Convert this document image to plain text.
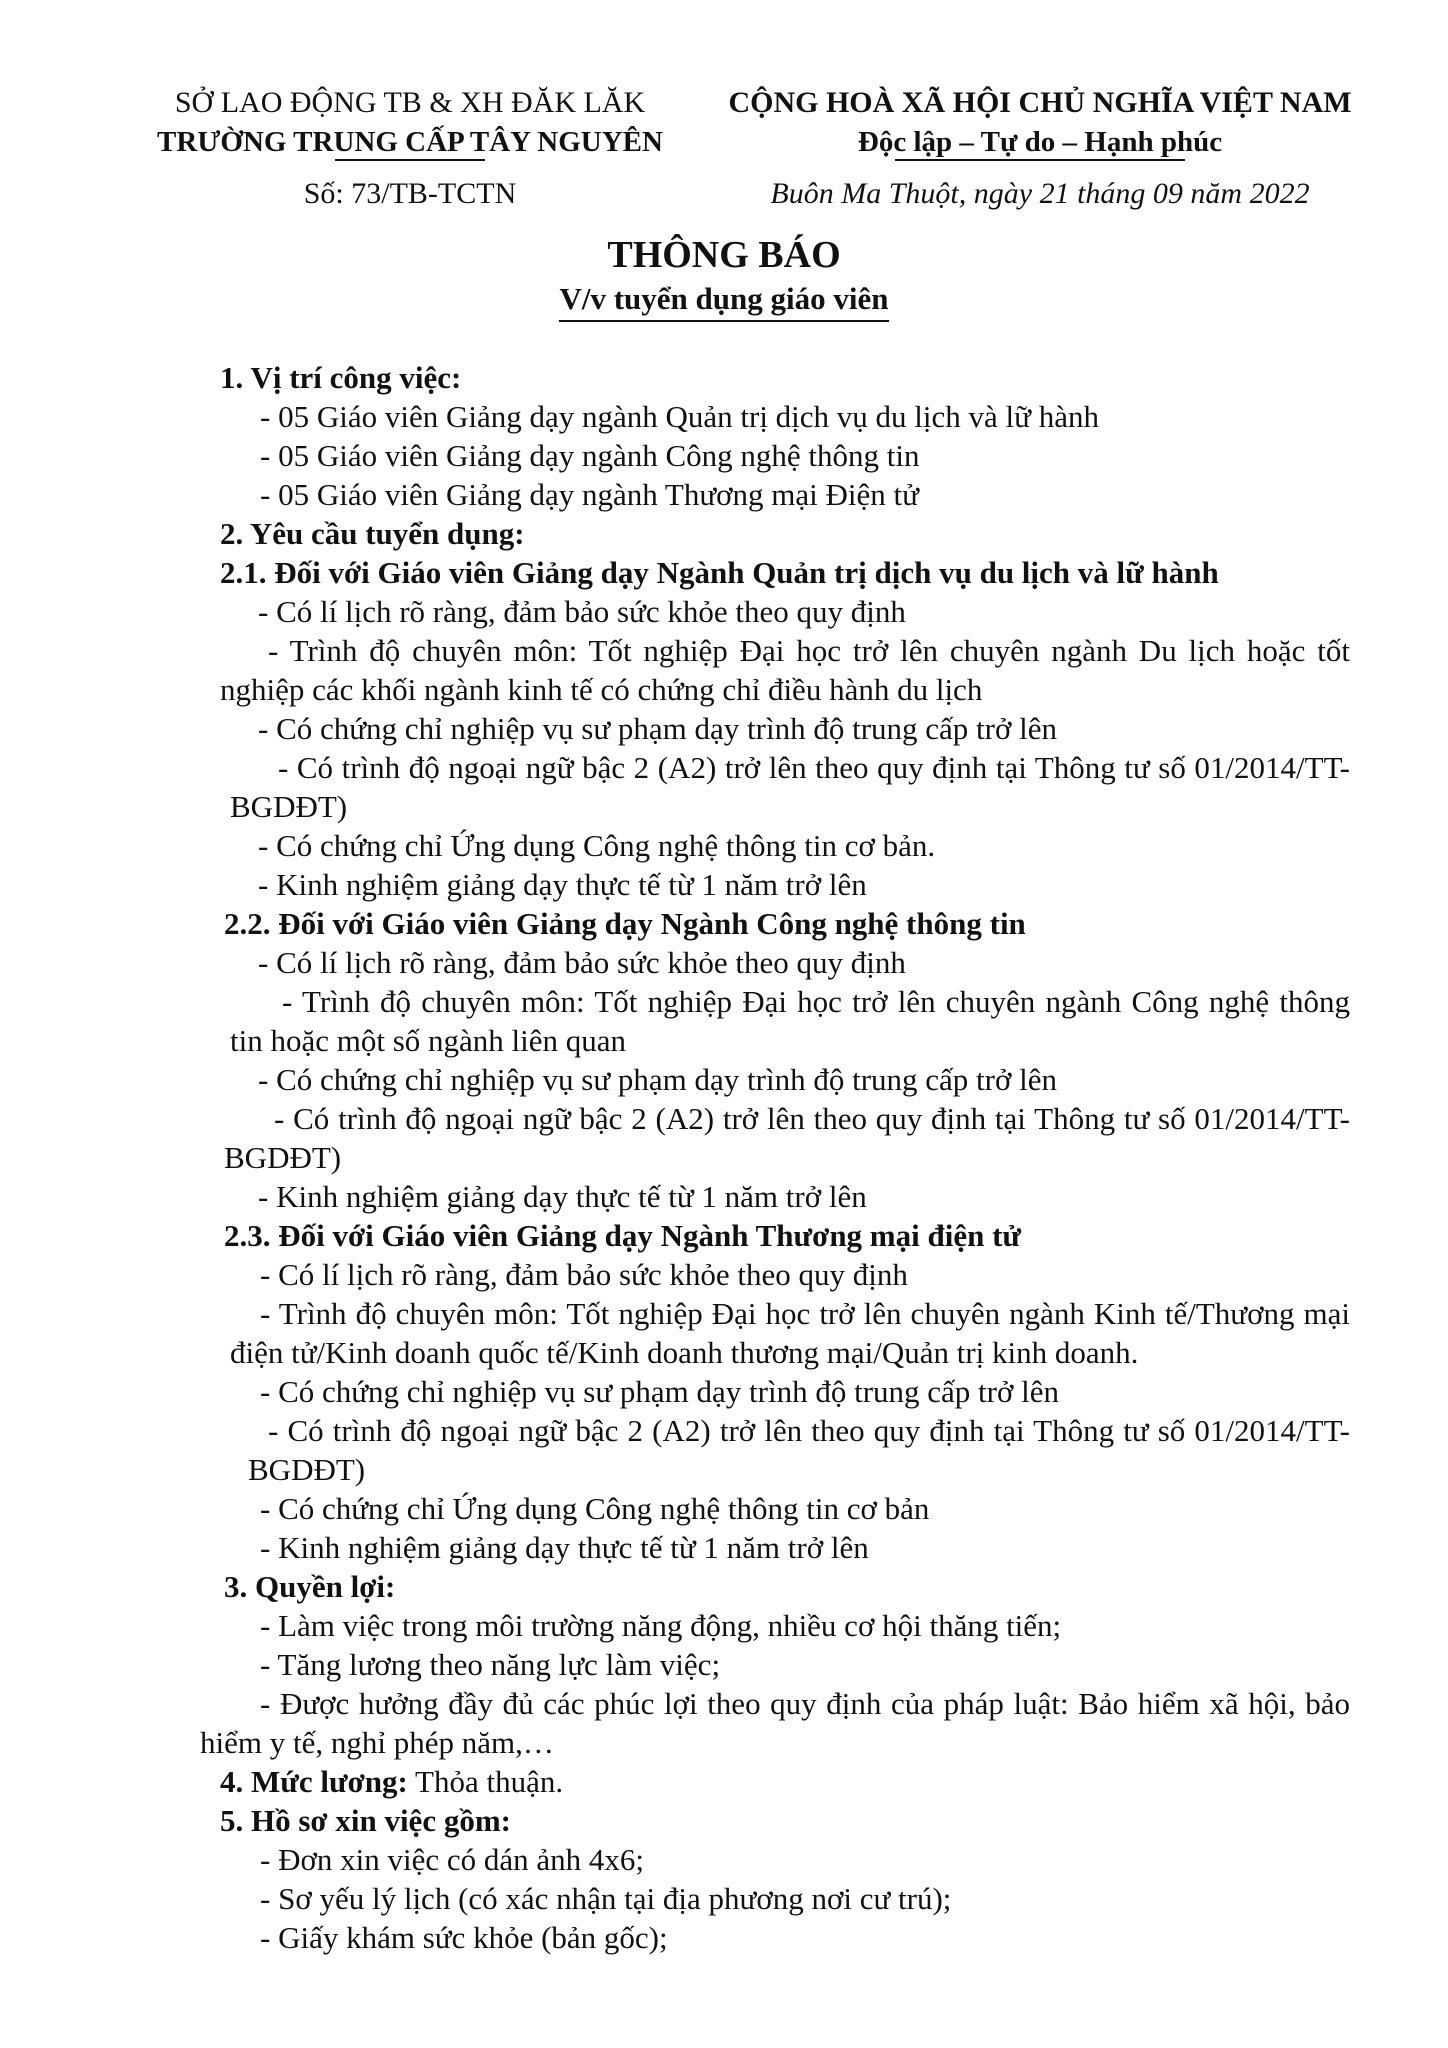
SỞ LAO ĐỘNG TB & XH ĐĂK LĂK
TRƯỜNG TRUNG CẤP TÂY NGUYÊN
Số: 73/TB-TCTN
CỘNG HOÀ XÃ HỘI CHỦ NGHĨA VIỆT NAM
Độc lập – Tự do – Hạnh phúc
Buôn Ma Thuột, ngày 21 tháng 09 năm 2022
THÔNG BÁO
V/v tuyển dụng giáo viên

1. Vị trí công việc:

- 05 Giáo viên Giảng dạy ngành Quản trị dịch vụ du lịch và lữ hành

- 05 Giáo viên Giảng dạy ngành Công nghệ thông tin

- 05 Giáo viên Giảng dạy ngành Thương mại Điện tử

2. Yêu cầu tuyển dụng:

2.1. Đối với Giáo viên Giảng dạy Ngành Quản trị dịch vụ du lịch và lữ hành

- Có lí lịch rõ ràng, đảm bảo sức khỏe theo quy định

- Trình độ chuyên môn: Tốt nghiệp Đại học trở lên chuyên ngành Du lịch hoặc tốt nghiệp các khối ngành kinh tế có chứng chỉ điều hành du lịch

- Có chứng chỉ nghiệp vụ sư phạm dạy trình độ trung cấp trở lên

- Có trình độ ngoại ngữ bậc 2 (A2) trở lên theo quy định tại Thông tư số 01/2014/TT-BGDĐT)

- Có chứng chỉ Ứng dụng Công nghệ thông tin cơ bản.

- Kinh nghiệm giảng dạy thực tế từ 1 năm trở lên

2.2. Đối với Giáo viên Giảng dạy Ngành Công nghệ thông tin

- Có lí lịch rõ ràng, đảm bảo sức khỏe theo quy định

- Trình độ chuyên môn: Tốt nghiệp Đại học trở lên chuyên ngành Công nghệ thông tin hoặc một số ngành liên quan

- Có chứng chỉ nghiệp vụ sư phạm dạy trình độ trung cấp trở lên

- Có trình độ ngoại ngữ bậc 2 (A2) trở lên theo quy định tại Thông tư số 01/2014/TT-BGDĐT)

- Kinh nghiệm giảng dạy thực tế từ 1 năm trở lên

2.3. Đối với Giáo viên Giảng dạy Ngành Thương mại điện tử

- Có lí lịch rõ ràng, đảm bảo sức khỏe theo quy định

- Trình độ chuyên môn: Tốt nghiệp Đại học trở lên chuyên ngành Kinh tế/Thương mại điện tử/Kinh doanh quốc tế/Kinh doanh thương mại/Quản trị kinh doanh.

- Có chứng chỉ nghiệp vụ sư phạm dạy trình độ trung cấp trở lên

- Có trình độ ngoại ngữ bậc 2 (A2) trở lên theo quy định tại Thông tư số 01/2014/TT-BGDĐT)

- Có chứng chỉ Ứng dụng Công nghệ thông tin cơ bản

- Kinh nghiệm giảng dạy thực tế từ 1 năm trở lên

3. Quyền lợi:

- Làm việc trong môi trường năng động, nhiều cơ hội thăng tiến;

- Tăng lương theo năng lực làm việc;

- Được hưởng đầy đủ các phúc lợi theo quy định của pháp luật: Bảo hiểm xã hội, bảo hiểm y tế, nghỉ phép năm,…

4. Mức lương: Thỏa thuận.

5. Hồ sơ xin việc gồm:

- Đơn xin việc có dán ảnh 4x6;

- Sơ yếu lý lịch (có xác nhận tại địa phương nơi cư trú);

- Giấy khám sức khỏe (bản gốc);
